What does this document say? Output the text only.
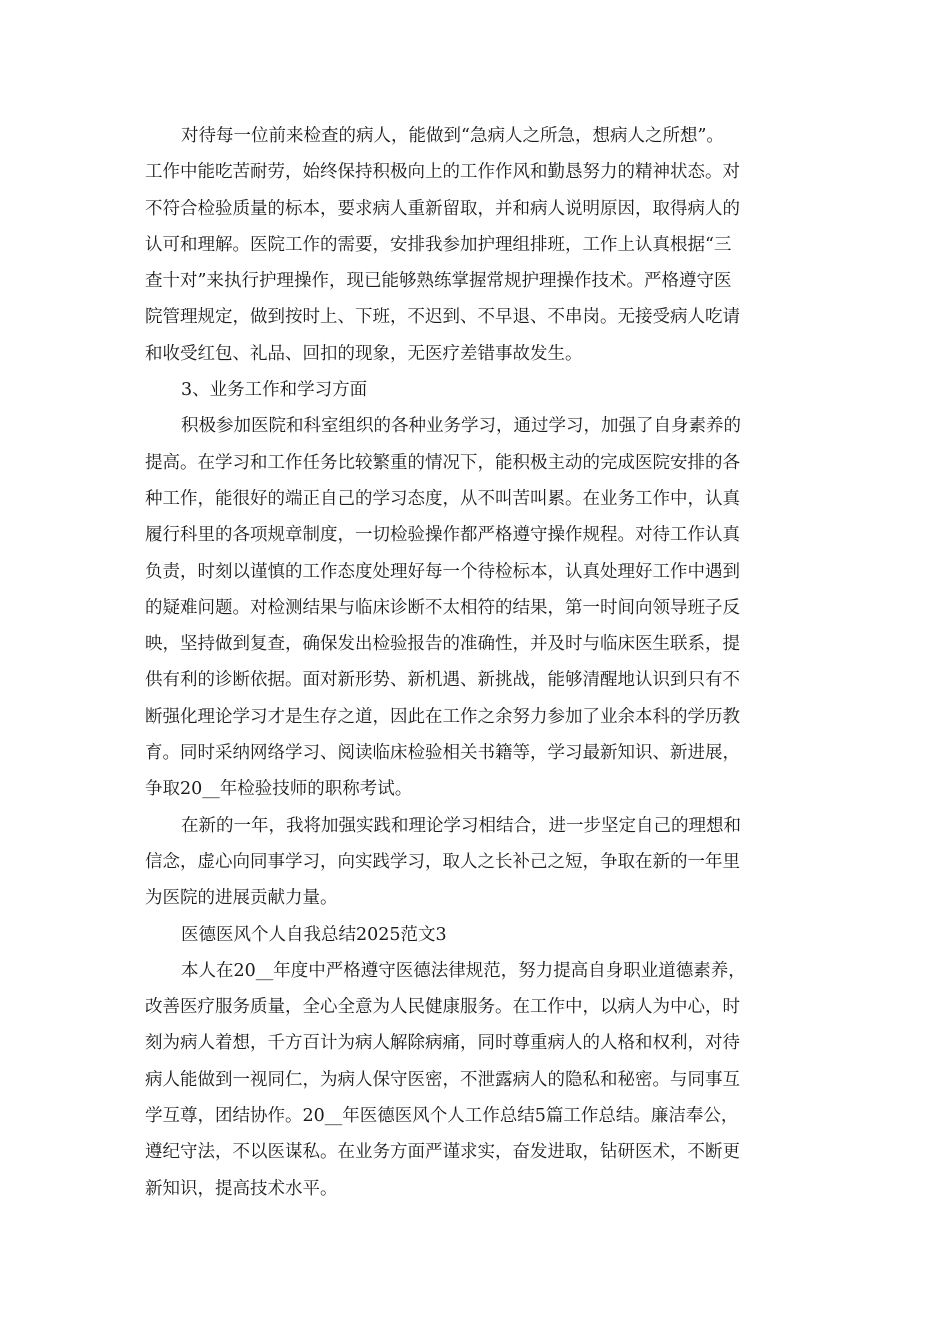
对待每一位前来检查的病人，能做到“急病人之所急，想病人之所想”。
工作中能吃苦耐劳，始终保持积极向上的工作作风和勤恳努力的精神状态。对
不符合检验质量的标本，要求病人重新留取，并和病人说明原因，取得病人的
认可和理解。医院工作的需要，安排我参加护理组排班，工作上认真根据“三
查十对”来执行护理操作，现已能够熟练掌握常规护理操作技术。严格遵守医
院管理规定，做到按时上、下班，不迟到、不早退、不串岗。无接受病人吃请
和收受红包、礼品、回扣的现象，无医疗差错事故发生。
3、业务工作和学习方面
积极参加医院和科室组织的各种业务学习，通过学习，加强了自身素养的
提高。在学习和工作任务比较繁重的情况下，能积极主动的完成医院安排的各
种工作，能很好的端正自己的学习态度，从不叫苦叫累。在业务工作中，认真
履行科里的各项规章制度，一切检验操作都严格遵守操作规程。对待工作认真
负责，时刻以谨慎的工作态度处理好每一个待检标本，认真处理好工作中遇到
的疑难问题。对检测结果与临床诊断不太相符的结果，第一时间向领导班子反
映，坚持做到复查，确保发出检验报告的准确性，并及时与临床医生联系，提
供有利的诊断依据。面对新形势、新机遇、新挑战，能够清醒地认识到只有不
断强化理论学习才是生存之道，因此在工作之余努力参加了业余本科的学历教
育。同时采纳网络学习、阅读临床检验相关书籍等，学习最新知识、新进展，
争取20__年检验技师的职称考试。
在新的一年，我将加强实践和理论学习相结合，进一步坚定自己的理想和
信念，虚心向同事学习，向实践学习，取人之长补己之短，争取在新的一年里
为医院的进展贡献力量。
医德医风个人自我总结2025范文3
本人在20__年度中严格遵守医德法律规范，努力提高自身职业道德素养，
改善医疗服务质量，全心全意为人民健康服务。在工作中，以病人为中心，时
刻为病人着想，千方百计为病人解除病痛，同时尊重病人的人格和权利，对待
病人能做到一视同仁，为病人保守医密，不泄露病人的隐私和秘密。与同事互
学互尊，团结协作。20__年医德医风个人工作总结5篇工作总结。廉洁奉公，
遵纪守法，不以医谋私。在业务方面严谨求实，奋发进取，钻研医术，不断更
新知识，提高技术水平。
